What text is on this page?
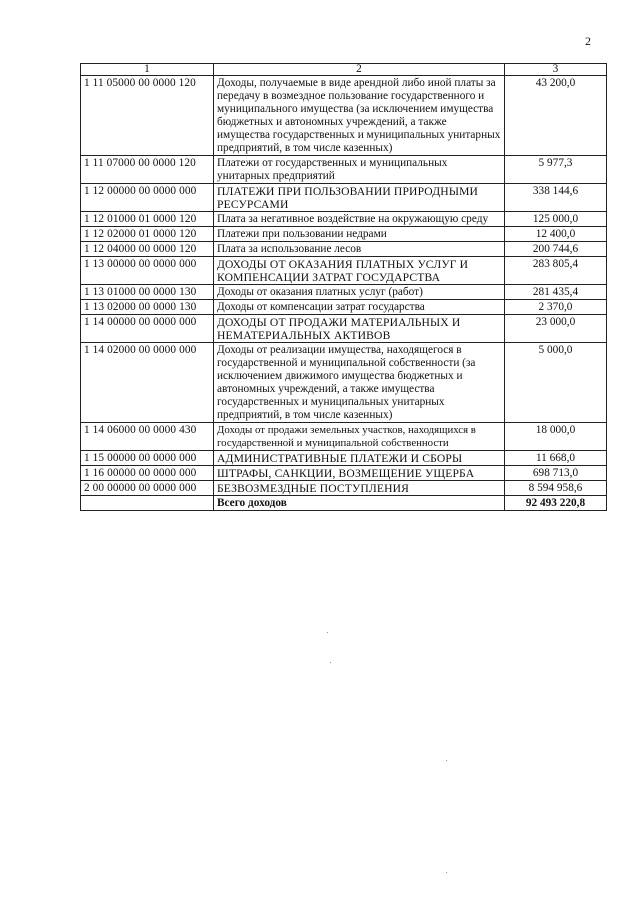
2
1	2	3
1 11 05000 00 0000 120	Доходы, получаемые в виде арендной либо иной платы за передачу в возмездное пользование государственного и муниципального имущества (за исключением имущества бюджетных и автономных учреждений, а также имущества государственных и муниципальных унитарных предприятий, в том числе казенных)	43 200,0
1 11 07000 00 0000 120	Платежи от государственных и муниципальных унитарных предприятий	5 977,3
1 12 00000 00 0000 000	ПЛАТЕЖИ ПРИ ПОЛЬЗОВАНИИ ПРИРОДНЫМИ РЕСУРСАМИ	338 144,6
1 12 01000 01 0000 120	Плата за негативное воздействие на окружающую среду	125 000,0
1 12 02000 01 0000 120	Платежи при пользовании недрами	12 400,0
1 12 04000 00 0000 120	Плата за использование лесов	200 744,6
1 13 00000 00 0000 000	ДОХОДЫ ОТ ОКАЗАНИЯ ПЛАТНЫХ УСЛУГ И КОМПЕНСАЦИИ ЗАТРАТ ГОСУДАРСТВА	283 805,4
1 13 01000 00 0000 130	Доходы от оказания платных услуг (работ)	281 435,4
1 13 02000 00 0000 130	Доходы от компенсации затрат государства	2 370,0
1 14 00000 00 0000 000	ДОХОДЫ ОТ ПРОДАЖИ МАТЕРИАЛЬНЫХ И НЕМАТЕРИАЛЬНЫХ АКТИВОВ	23 000,0
1 14 02000 00 0000 000	Доходы от реализации имущества, находящегося в государственной и муниципальной собственности (за исключением движимого имущества бюджетных и автономных учреждений, а также имущества государственных и муниципальных унитарных предприятий, в том числе казенных)	5 000,0
1 14 06000 00 0000 430	Доходы от продажи земельных участков, находящихся в государственной и муниципальной собственности	18 000,0
1 15 00000 00 0000 000	АДМИНИСТРАТИВНЫЕ ПЛАТЕЖИ И СБОРЫ	11 668,0
1 16 00000 00 0000 000	ШТРАФЫ, САНКЦИИ, ВОЗМЕЩЕНИЕ УЩЕРБА	698 713,0
2 00 00000 00 0000 000	БЕЗВОЗМЕЗДНЫЕ ПОСТУПЛЕНИЯ	8 594 958,6
	Всего доходов	92 493 220,8
